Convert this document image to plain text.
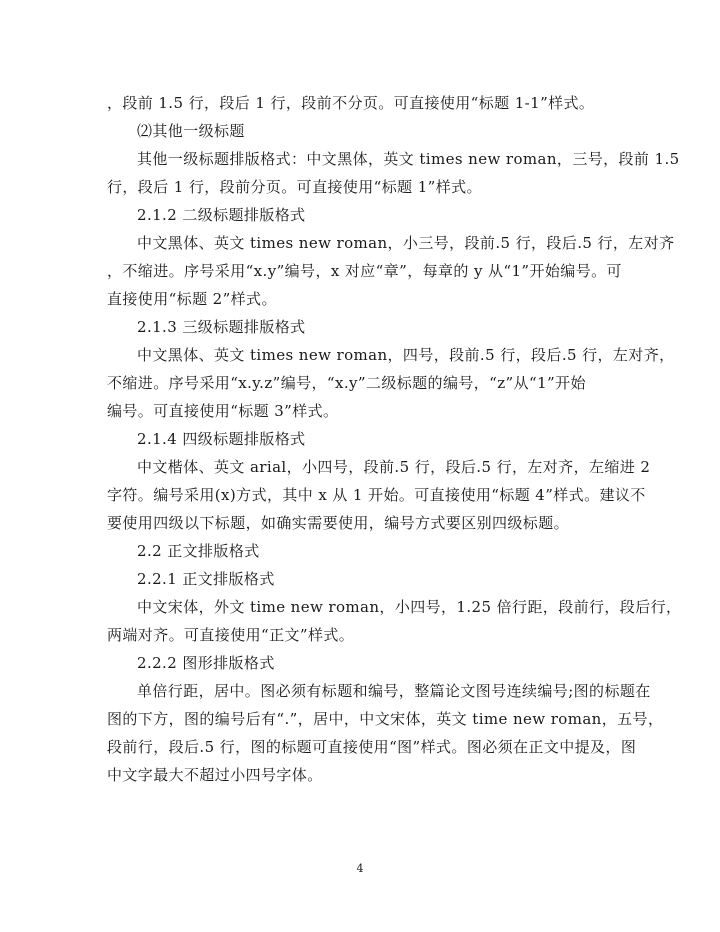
，段前 1.5 行，段后 1 行，段前不分页。可直接使用“标题 1-1”样式。
⑵其他一级标题
其他一级标题排版格式：中文黑体，英文 times new roman，三号，段前 1.5
行，段后 1 行，段前分页。可直接使用“标题 1”样式。
2.1.2 二级标题排版格式
中文黑体、英文 times new roman，小三号，段前.5 行，段后.5 行，左对齐
，不缩进。序号采用“x.y”编号，x 对应“章”，每章的 y 从“1”开始编号。可
直接使用“标题 2”样式。
2.1.3 三级标题排版格式
中文黑体、英文 times new roman，四号，段前.5 行，段后.5 行，左对齐，
不缩进。序号采用“x.y.z”编号，“x.y”二级标题的编号，“z”从“1”开始
编号。可直接使用“标题 3”样式。
2.1.4 四级标题排版格式
中文楷体、英文 arial，小四号，段前.5 行，段后.5 行，左对齐，左缩进 2
字符。编号采用(x)方式，其中 x 从 1 开始。可直接使用“标题 4”样式。建议不
要使用四级以下标题，如确实需要使用，编号方式要区别四级标题。
2.2 正文排版格式
2.2.1 正文排版格式
中文宋体，外文 time new roman，小四号，1.25 倍行距，段前行，段后行，
两端对齐。可直接使用“正文”样式。
2.2.2 图形排版格式
单倍行距，居中。图必须有标题和编号，整篇论文图号连续编号;图的标题在
图的下方，图的编号后有“.”，居中，中文宋体，英文 time new roman，五号，
段前行，段后.5 行，图的标题可直接使用“图”样式。图必须在正文中提及，图
中文字最大不超过小四号字体。
4
